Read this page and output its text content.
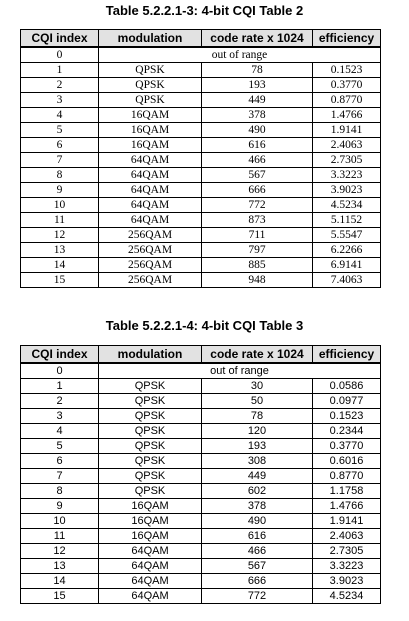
Table 5.2.2.1-3: 4-bit CQI Table 2
CQI index	modulation	code rate x 1024	efficiency
0	out of range		
1	QPSK	78	0.1523
2	QPSK	193	0.3770
3	QPSK	449	0.8770
4	16QAM	378	1.4766
5	16QAM	490	1.9141
6	16QAM	616	2.4063
7	64QAM	466	2.7305
8	64QAM	567	3.3223
9	64QAM	666	3.9023
10	64QAM	772	4.5234
11	64QAM	873	5.1152
12	256QAM	711	5.5547
13	256QAM	797	6.2266
14	256QAM	885	6.9141
15	256QAM	948	7.4063
Table 5.2.2.1-4: 4-bit CQI Table 3
CQI index	modulation	code rate x 1024	efficiency
0	out of range		
1	QPSK	30	0.0586
2	QPSK	50	0.0977
3	QPSK	78	0.1523
4	QPSK	120	0.2344
5	QPSK	193	0.3770
6	QPSK	308	0.6016
7	QPSK	449	0.8770
8	QPSK	602	1.1758
9	16QAM	378	1.4766
10	16QAM	490	1.9141
11	16QAM	616	2.4063
12	64QAM	466	2.7305
13	64QAM	567	3.3223
14	64QAM	666	3.9023
15	64QAM	772	4.5234
